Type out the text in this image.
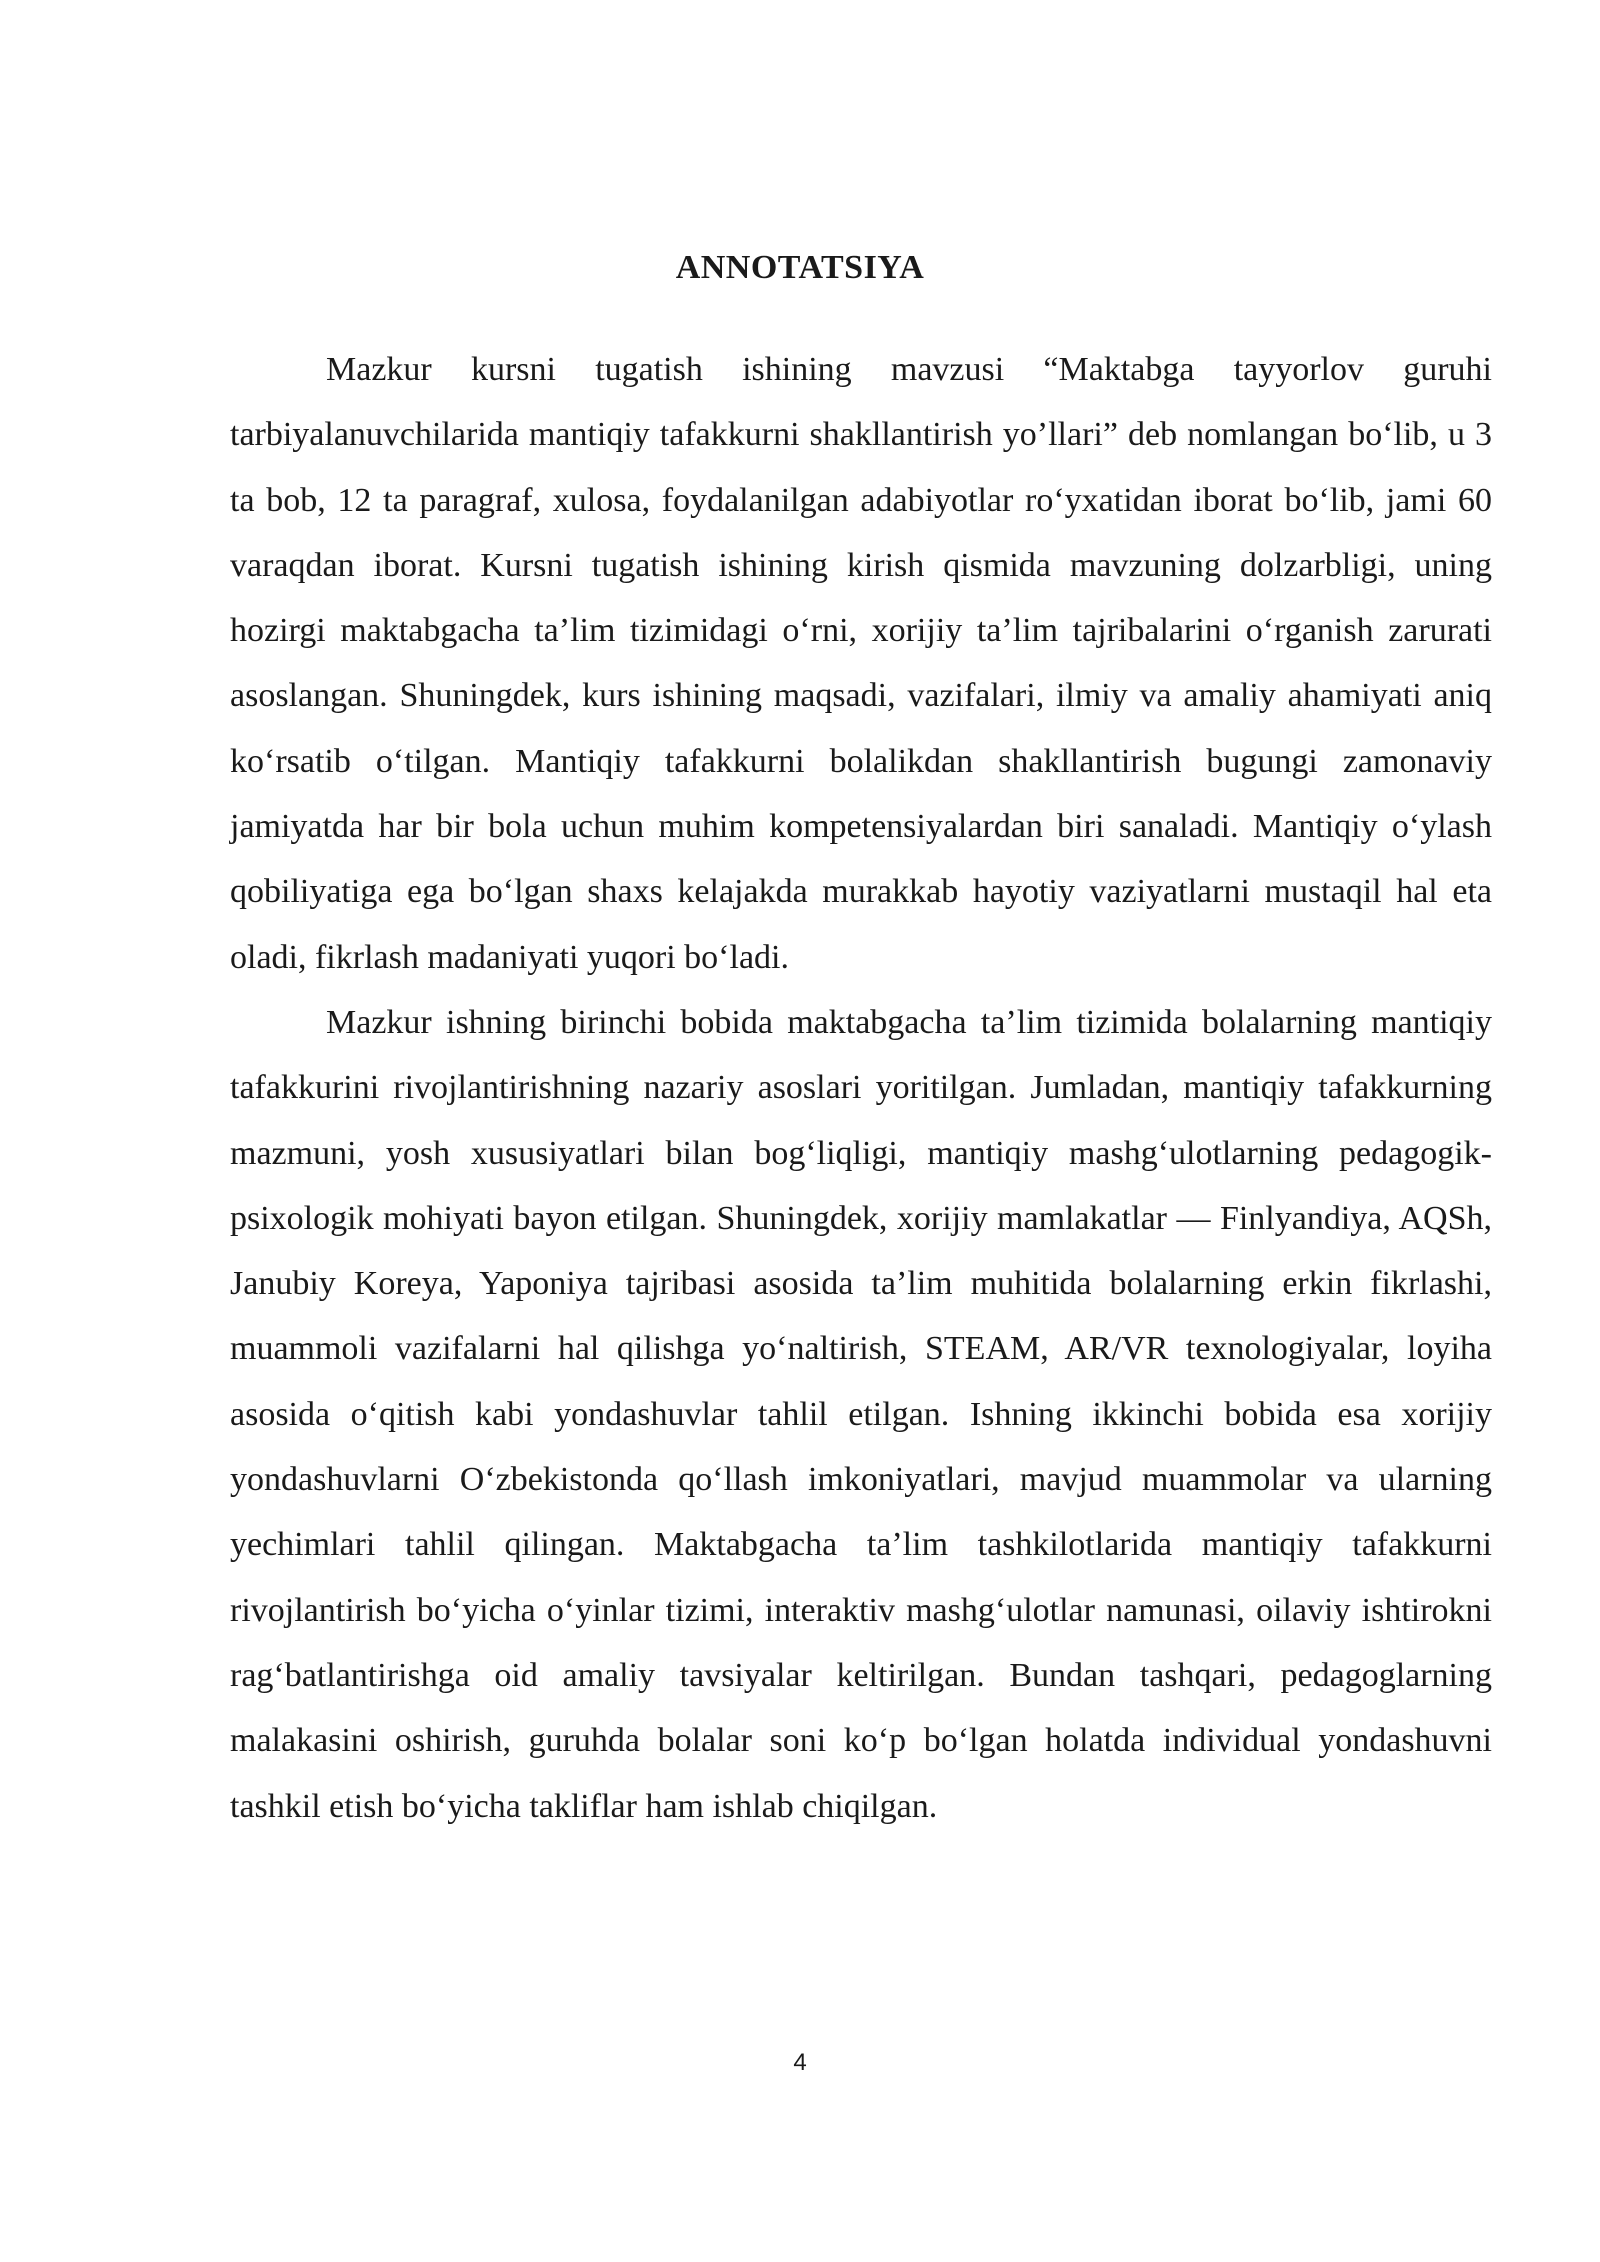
ANNOTATSIYA

Mazkur kursni tugatish ishining mavzusi “Maktabga tayyorlov guruhi tarbiyalanuvchilarida mantiqiy tafakkurni shakllantirish yo’llari” deb nomlangan bo‘lib, u 3 ta bob, 12 ta paragraf, xulosa, foydalanilgan adabiyotlar ro‘yxatidan iborat bo‘lib, jami 60 varaqdan iborat. Kursni tugatish ishining kirish qismida mavzuning dolzarbligi, uning hozirgi maktabgacha ta’lim tizimidagi o‘rni, xorijiy ta’lim tajribalarini o‘rganish zarurati asoslangan. Shuningdek, kurs ishining maqsadi, vazifalari, ilmiy va amaliy ahamiyati aniq ko‘rsatib o‘tilgan. Mantiqiy tafakkurni bolalikdan shakllantirish bugungi zamonaviy jamiyatda har bir bola uchun muhim kompetensiyalardan biri sanaladi. Mantiqiy o‘ylash qobiliyatiga ega bo‘lgan shaxs kelajakda murakkab hayotiy vaziyatlarni mustaqil hal eta oladi, fikrlash madaniyati yuqori bo‘ladi.

Mazkur ishning birinchi bobida maktabgacha ta’lim tizimida bolalarning mantiqiy tafakkurini rivojlantirishning nazariy asoslari yoritilgan. Jumladan, mantiqiy tafakkurning mazmuni, yosh xususiyatlari bilan bog‘liqligi, mantiqiy mashg‘ulotlarning pedagogik-psixologik mohiyati bayon etilgan. Shuningdek, xorijiy mamlakatlar — Finlyandiya, AQSh, Janubiy Koreya, Yaponiya tajribasi asosida ta’lim muhitida bolalarning erkin fikrlashi, muammoli vazifalarni hal qilishga yo‘naltirish, STEAM, AR/VR texnologiyalar, loyiha asosida o‘qitish kabi yondashuvlar tahlil etilgan. Ishning ikkinchi bobida esa xorijiy yondashuvlarni O‘zbekistonda qo‘llash imkoniyatlari, mavjud muammolar va ularning yechimlari tahlil qilingan. Maktabgacha ta’lim tashkilotlarida mantiqiy tafakkurni rivojlantirish bo‘yicha o‘yinlar tizimi, interaktiv mashg‘ulotlar namunasi, oilaviy ishtirokni rag‘batlantirishga oid amaliy tavsiyalar keltirilgan. Bundan tashqari, pedagoglarning malakasini oshirish, guruhda bolalar soni ko‘p bo‘lgan holatda individual yondashuvni tashkil etish bo‘yicha takliflar ham ishlab chiqilgan.

4
